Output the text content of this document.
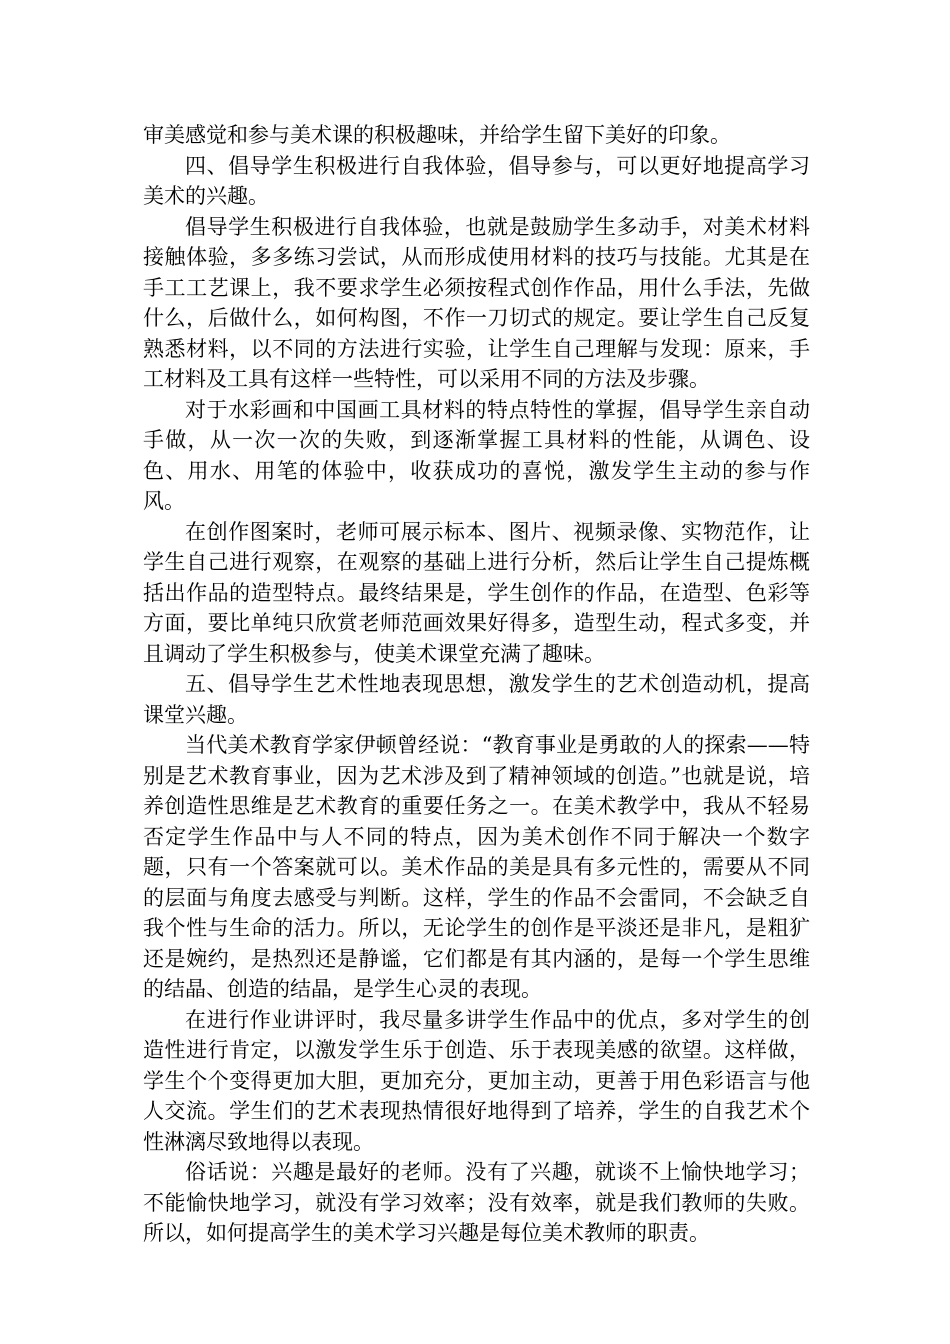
审美感觉和参与美术课的积极趣味，并给学生留下美好的印象。

四、倡导学生积极进行自我体验，倡导参与，可以更好地提高学习美术的兴趣。

倡导学生积极进行自我体验，也就是鼓励学生多动手，对美术材料接触体验，多多练习尝试，从而形成使用材料的技巧与技能。尤其是在手工工艺课上，我不要求学生必须按程式创作作品，用什么手法，先做什么，后做什么，如何构图，不作一刀切式的规定。要让学生自己反复熟悉材料，以不同的方法进行实验，让学生自己理解与发现：原来，手工材料及工具有这样一些特性，可以采用不同的方法及步骤。

对于水彩画和中国画工具材料的特点特性的掌握，倡导学生亲自动手做，从一次一次的失败，到逐渐掌握工具材料的性能，从调色、设色、用水、用笔的体验中，收获成功的喜悦，激发学生主动的参与作风。

在创作图案时，老师可展示标本、图片、视频录像、实物范作，让学生自己进行观察，在观察的基础上进行分析，然后让学生自己提炼概括出作品的造型特点。最终结果是，学生创作的作品，在造型、色彩等方面，要比单纯只欣赏老师范画效果好得多，造型生动，程式多变，并且调动了学生积极参与，使美术课堂充满了趣味。

五、倡导学生艺术性地表现思想，激发学生的艺术创造动机，提高课堂兴趣。

当代美术教育学家伊顿曾经说：“教育事业是勇敢的人的探索——特别是艺术教育事业，因为艺术涉及到了精神领域的创造。”也就是说，培养创造性思维是艺术教育的重要任务之一。在美术教学中，我从不轻易否定学生作品中与人不同的特点，因为美术创作不同于解决一个数字题，只有一个答案就可以。美术作品的美是具有多元性的，需要从不同的层面与角度去感受与判断。这样，学生的作品不会雷同，不会缺乏自我个性与生命的活力。所以，无论学生的创作是平淡还是非凡，是粗犷还是婉约，是热烈还是静谧，它们都是有其内涵的，是每一个学生思维的结晶、创造的结晶，是学生心灵的表现。

在进行作业讲评时，我尽量多讲学生作品中的优点，多对学生的创造性进行肯定，以激发学生乐于创造、乐于表现美感的欲望。这样做，学生个个变得更加大胆，更加充分，更加主动，更善于用色彩语言与他人交流。学生们的艺术表现热情很好地得到了培养，学生的自我艺术个性淋漓尽致地得以表现。

俗话说：兴趣是最好的老师。没有了兴趣，就谈不上愉快地学习；不能愉快地学习，就没有学习效率；没有效率，就是我们教师的失败。所以，如何提高学生的美术学习兴趣是每位美术教师的职责。
